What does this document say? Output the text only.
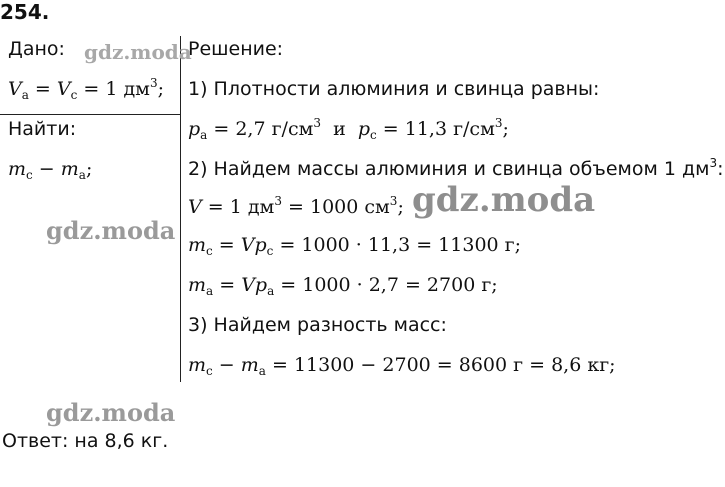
254.
Дано:
$V_а = V_с = 1$ $дм^3$;
Найти:
$m_с - m_а$;
Решение:
1) Плотности алюминия и свинца равны:
$p_а = 2,7$ $г/см^3$  и  $p_с = 11,3$ $г/см^3$;
2) Найдем массы алюминия и свинца объемом 1 $дм^3$:
V = 1 $дм^3 = 1000$ $см^3$;
$m_с = Vp_с = 1000 \cdot 11,3 = 11300$ г;
$m_а = Vp_а = 1000 \cdot 2,7 = 2700$ г;
3) Найдем разность масс:
$m_с - m_а = 11300 - 2700 = 8600$ г = 8,6 кг;
Ответ: на 8,6 кг.
gdz.moda
gdz.moda
gdz.moda
gdz.moda
